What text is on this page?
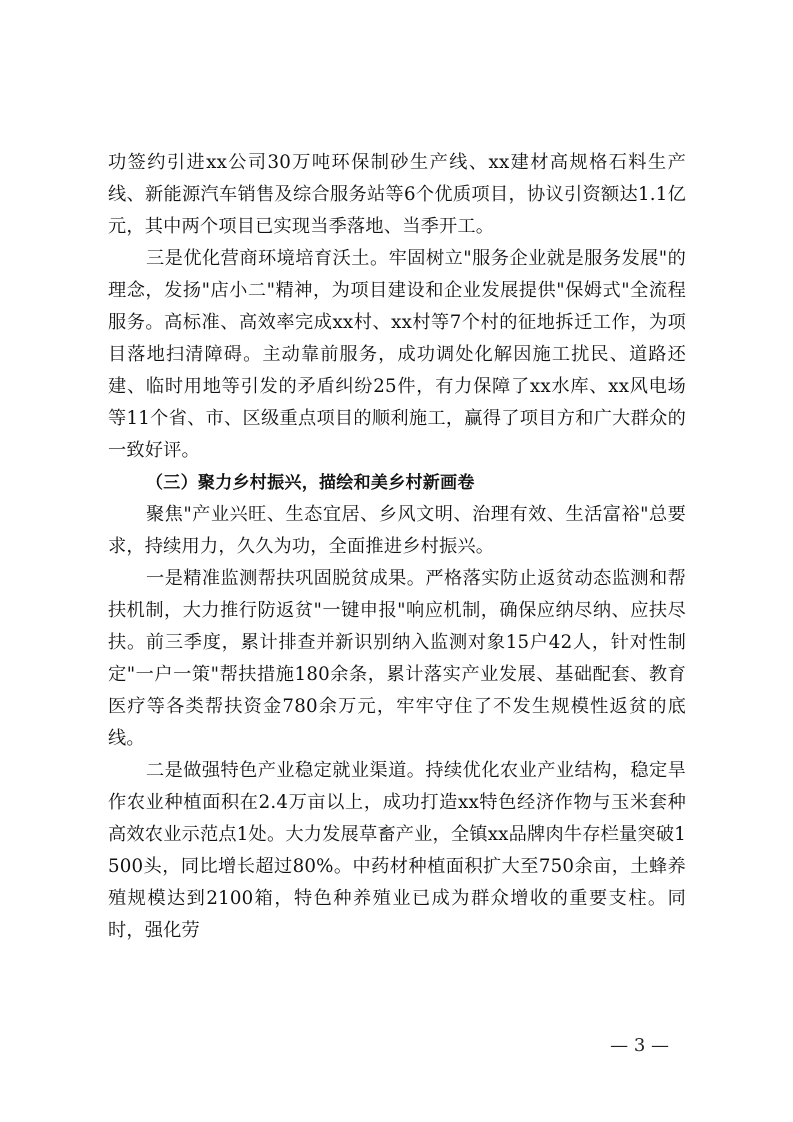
功签约引进xx公司30万吨环保制砂生产线、xx建材高规格石料生产线、新能源汽车销售及综合服务站等6个优质项目，协议引资额达1.1亿元，其中两个项目已实现当季落地、当季开工。

三是优化营商环境培育沃土。牢固树立"服务企业就是服务发展"的理念，发扬"店小二"精神，为项目建设和企业发展提供"保姆式"全流程服务。高标准、高效率完成xx村、xx村等7个村的征地拆迁工作，为项目落地扫清障碍。主动靠前服务，成功调处化解因施工扰民、道路还建、临时用地等引发的矛盾纠纷25件，有力保障了xx水库、xx风电场等11个省、市、区级重点项目的顺利施工，赢得了项目方和广大群众的一致好评。

（三）聚力乡村振兴，描绘和美乡村新画卷

聚焦"产业兴旺、生态宜居、乡风文明、治理有效、生活富裕"总要求，持续用力，久久为功，全面推进乡村振兴。

一是精准监测帮扶巩固脱贫成果。严格落实防止返贫动态监测和帮扶机制，大力推行防返贫"一键申报"响应机制，确保应纳尽纳、应扶尽扶。前三季度，累计排查并新识别纳入监测对象15户42人，针对性制定"一户一策"帮扶措施180余条，累计落实产业发展、基础配套、教育医疗等各类帮扶资金780余万元，牢牢守住了不发生规模性返贫的底线。

二是做强特色产业稳定就业渠道。持续优化农业产业结构，稳定旱作农业种植面积在2.4万亩以上，成功打造xx特色经济作物与玉米套种高效农业示范点1处。大力发展草畜产业，全镇xx品牌肉牛存栏量突破1500头，同比增长超过80%。中药材种植面积扩大至750余亩，土蜂养殖规模达到2100箱，特色种养殖业已成为群众增收的重要支柱。同时，强化劳

— 3 —
